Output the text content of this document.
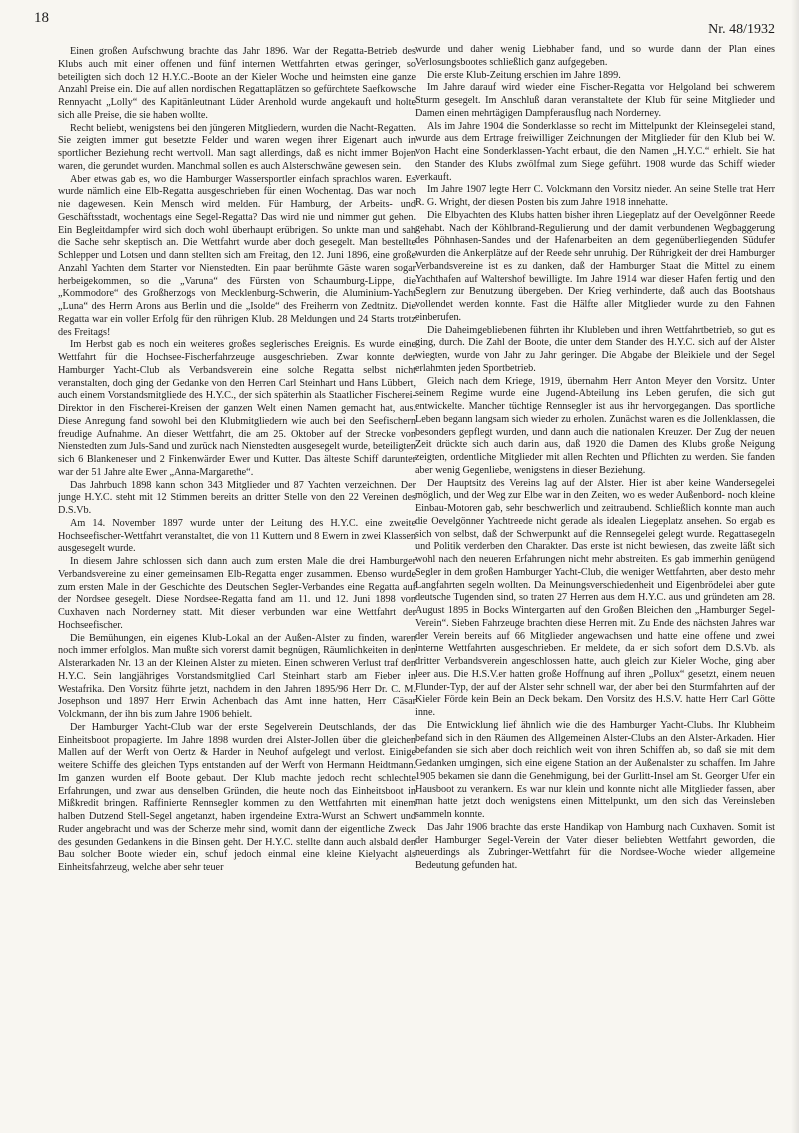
18
Nr. 48/1932

Einen großen Aufschwung brachte das Jahr 1896. War der Regatta-Betrieb des Klubs auch mit einer offenen und fünf internen Wettfahrten etwas geringer, so beteiligten sich doch 12 H.Y.C.-Boote an der Kieler Woche und heimsten eine ganze Anzahl Preise ein. Die auf allen nordischen Regattaplätzen so gefürchtete Saefkowsche Rennyacht „Lolly“ des Kapitänleutnant Lüder Arenhold wurde angekauft und holte sich alle Preise, die sie haben wollte.

Recht beliebt, wenigstens bei den jüngeren Mitgliedern, wurden die Nacht-Regatten. Sie zeigten immer gut besetzte Felder und waren wegen ihrer Eigenart auch in sportlicher Beziehung recht wertvoll. Man sagt allerdings, daß es nicht immer Bojen waren, die gerundet wurden. Manchmal sollen es auch Alsterschwäne gewesen sein.

Aber etwas gab es, wo die Hamburger Wassersportler einfach sprachlos waren. Es wurde nämlich eine Elb-Regatta ausgeschrieben für einen Wochentag. Das war noch nie dagewesen. Kein Mensch wird melden. Für Hamburg, der Arbeits- und Geschäftsstadt, wochentags eine Segel-Regatta? Das wird nie und nimmer gut gehen. Ein Begleitdampfer wird sich doch wohl überhaupt erübrigen. So unkte man und sah die Sache sehr skeptisch an. Die Wettfahrt wurde aber doch gesegelt. Man bestellte Schlepper und Lotsen und dann stellten sich am Freitag, den 12. Juni 1896, eine große Anzahl Yachten dem Starter vor Nienstedten. Ein paar berühmte Gäste waren sogar herbeigekommen, so die „Varuna“ des Fürsten von Schaumburg-Lippe, die „Kommodore“ des Großherzogs von Mecklenburg-Schwerin, die Aluminium-Yacht „Luna“ des Herrn Arons aus Berlin und die „Isolde“ des Freiherrn von Zedtnitz. Die Regatta war ein voller Erfolg für den rührigen Klub. 28 Meldungen und 24 Starts trotz des Freitags!

Im Herbst gab es noch ein weiteres großes seglerisches Ereignis. Es wurde eine Wettfahrt für die Hochsee-Fischerfahrzeuge ausgeschrieben. Zwar konnte der Hamburger Yacht-Club als Verbandsverein eine solche Regatta selbst nicht veranstalten, doch ging der Gedanke von den Herren Carl Steinhart und Hans Lübbert, auch einem Vorstandsmitgliede des H.Y.C., der sich späterhin als Staatlicher Fischerei-Direktor in den Fischerei-Kreisen der ganzen Welt einen Namen gemacht hat, aus. Diese Anregung fand sowohl bei den Klubmitgliedern wie auch bei den Seefischern freudige Aufnahme. An dieser Wettfahrt, die am 25. Oktober auf der Strecke von Nienstedten zum Juls-Sand und zurück nach Nienstedten ausgesegelt wurde, beteiligten sich 6 Blankeneser und 2 Finkenwärder Ewer und Kutter. Das älteste Schiff darunter war der 51 Jahre alte Ewer „Anna-Margarethe“.

Das Jahrbuch 1898 kann schon 343 Mitglieder und 87 Yachten verzeichnen. Der junge H.Y.C. steht mit 12 Stimmen bereits an dritter Stelle von den 22 Vereinen des D.S.Vb.

Am 14. November 1897 wurde unter der Leitung des H.Y.C. eine zweite Hochseefischer-Wettfahrt veranstaltet, die von 11 Kuttern und 8 Ewern in zwei Klassen ausgesegelt wurde.

In diesem Jahre schlossen sich dann auch zum ersten Male die drei Hamburger Verbandsvereine zu einer gemeinsamen Elb-Regatta enger zusammen. Ebenso wurde zum ersten Male in der Geschichte des Deutschen Segler-Verbandes eine Regatta auf der Nordsee gesegelt. Diese Nordsee-Regatta fand am 11. und 12. Juni 1898 von Cuxhaven nach Norderney statt. Mit dieser verbunden war eine Wettfahrt der Hochseefischer.

Die Bemühungen, ein eigenes Klub-Lokal an der Außen-Alster zu finden, waren noch immer erfolglos. Man mußte sich vorerst damit begnügen, Räumlichkeiten in den Alsterarkaden Nr. 13 an der Kleinen Alster zu mieten. Einen schweren Verlust traf den H.Y.C. Sein langjähriges Vorstandsmitglied Carl Steinhart starb am Fieber in Westafrika. Den Vorsitz führte jetzt, nachdem in den Jahren 1895/96 Herr Dr. C. M. Josephson und 1897 Herr Erwin Achenbach das Amt inne hatten, Herr Cäsar Volckmann, der ihn bis zum Jahre 1906 behielt.

Der Hamburger Yacht-Club war der erste Segelverein Deutschlands, der das Einheitsboot propagierte. Im Jahre 1898 wurden drei Alster-Jollen über die gleichen Mallen auf der Werft von Oertz & Harder in Neuhof aufgelegt und verlost. Einige weitere Schiffe des gleichen Typs entstanden auf der Werft von Hermann Heidtmann. Im ganzen wurden elf Boote gebaut. Der Klub machte jedoch recht schlechte Erfahrungen, und zwar aus denselben Gründen, die heute noch das Einheitsboot in Mißkredit bringen. Raffinierte Rennsegler kommen zu den Wettfahrten mit einem halben Dutzend Stell-Segel angetanzt, haben irgendeine Extra-Wurst an Schwert und Ruder angebracht und was der Scherze mehr sind, womit dann der eigentliche Zweck des gesunden Gedankens in die Binsen geht. Der H.Y.C. stellte dann auch alsbald den Bau solcher Boote wieder ein, schuf jedoch einmal eine kleine Kielyacht als Einheitsfahrzeug, welche aber sehr teuer

wurde und daher wenig Liebhaber fand, und so wurde dann der Plan eines Verlosungsbootes schließlich ganz aufgegeben.

Die erste Klub-Zeitung erschien im Jahre 1899.

Im Jahre darauf wird wieder eine Fischer-Regatta vor Helgoland bei schwerem Sturm gesegelt. Im Anschluß daran veranstaltete der Klub für seine Mitglieder und Damen einen mehrtägigen Dampferausflug nach Norderney.

Als im Jahre 1904 die Sonderklasse so recht im Mittelpunkt der Kleinsegelei stand, wurde aus dem Ertrage freiwilliger Zeichnungen der Mitglieder für den Klub bei W. von Hacht eine Sonderklassen-Yacht erbaut, die den Namen „H.Y.C.“ erhielt. Sie hat den Stander des Klubs zwölfmal zum Siege geführt. 1908 wurde das Schiff wieder verkauft.

Im Jahre 1907 legte Herr C. Volckmann den Vorsitz nieder. An seine Stelle trat Herr R. G. Wright, der diesen Posten bis zum Jahre 1918 innehatte.

Die Elbyachten des Klubs hatten bisher ihren Liegeplatz auf der Oevelgönner Reede gehabt. Nach der Köhlbrand-Regulierung und der damit verbundenen Wegbaggerung des Pöhnhasen-Sandes und der Hafenarbeiten an dem gegenüberliegenden Südufer wurden die Ankerplätze auf der Reede sehr unruhig. Der Rührigkeit der drei Hamburger Verbandsvereine ist es zu danken, daß der Hamburger Staat die Mittel zu einem Yachthafen auf Waltershof bewilligte. Im Jahre 1914 war dieser Hafen fertig und den Seglern zur Benutzung übergeben. Der Krieg verhinderte, daß auch das Bootshaus vollendet werden konnte. Fast die Hälfte aller Mitglieder wurde zu den Fahnen einberufen.

Die Daheimgebliebenen führten ihr Klubleben und ihren Wettfahrtbetrieb, so gut es ging, durch. Die Zahl der Boote, die unter dem Stander des H.Y.C. sich auf der Alster wiegten, wurde von Jahr zu Jahr geringer. Die Abgabe der Bleikiele und der Segel erlahmten jeden Sportbetrieb.

Gleich nach dem Kriege, 1919, übernahm Herr Anton Meyer den Vorsitz. Unter seinem Regime wurde eine Jugend-Abteilung ins Leben gerufen, die sich gut entwickelte. Mancher tüchtige Rennsegler ist aus ihr hervorgegangen. Das sportliche Leben begann langsam sich wieder zu erholen. Zunächst waren es die Jollenklassen, die besonders gepflegt wurden, und dann auch die nationalen Kreuzer. Der Zug der neuen Zeit drückte sich auch darin aus, daß 1920 die Damen des Klubs große Neigung zeigten, ordentliche Mitglieder mit allen Rechten und Pflichten zu werden. Sie fanden aber wenig Gegenliebe, wenigstens in dieser Beziehung.

Der Hauptsitz des Vereins lag auf der Alster. Hier ist aber keine Wandersegelei möglich, und der Weg zur Elbe war in den Zeiten, wo es weder Außenbord- noch kleine Einbau-Motoren gab, sehr beschwerlich und zeitraubend. Schließlich konnte man auch die Oevelgönner Yachtreede nicht gerade als idealen Liegeplatz ansehen. So ergab es sich von selbst, daß der Schwerpunkt auf die Rennsegelei gelegt wurde. Regattasegeln und Politik verderben den Charakter. Das erste ist nicht bewiesen, das zweite läßt sich wohl nach den neueren Erfahrungen nicht mehr abstreiten. Es gab immerhin genügend Segler in dem großen Hamburger Yacht-Club, die weniger Wettfahrten, aber desto mehr Langfahrten segeln wollten. Da Meinungsverschiedenheit und Eigenbrödelei aber gute deutsche Tugenden sind, so traten 27 Herren aus dem H.Y.C. aus und gründeten am 28. August 1895 in Bocks Wintergarten auf den Großen Bleichen den „Hamburger Segel-Verein“. Sieben Fahrzeuge brachten diese Herren mit. Zu Ende des nächsten Jahres war der Verein bereits auf 66 Mitglieder angewachsen und hatte eine offene und zwei interne Wettfahrten ausgeschrieben. Er meldete, da er sich sofort dem D.S.Vb. als dritter Verbandsverein angeschlossen hatte, auch gleich zur Kieler Woche, ging aber leer aus. Die H.S.V.er hatten große Hoffnung auf ihren „Pollux“ gesetzt, einem neuen Flunder-Typ, der auf der Alster sehr schnell war, der aber bei den Sturmfahrten auf der Kieler Förde kein Bein an Deck bekam. Den Vorsitz des H.S.V. hatte Herr Carl Götte inne.

Die Entwicklung lief ähnlich wie die des Hamburger Yacht-Clubs. Ihr Klubheim befand sich in den Räumen des Allgemeinen Alster-Clubs an den Alster-Arkaden. Hier befanden sie sich aber doch reichlich weit von ihren Schiffen ab, so daß sie mit dem Gedanken umgingen, sich eine eigene Station an der Außenalster zu schaffen. Im Jahre 1905 bekamen sie dann die Genehmigung, bei der Gurlitt-Insel am St. Georger Ufer ein Hausboot zu verankern. Es war nur klein und konnte nicht alle Mitglieder fassen, aber man hatte jetzt doch wenigstens einen Mittelpunkt, um den sich das Vereinsleben sammeln konnte.

Das Jahr 1906 brachte das erste Handikap von Hamburg nach Cuxhaven. Somit ist der Hamburger Segel-Verein der Vater dieser beliebten Wettfahrt geworden, die neuerdings als Zubringer-Wettfahrt für die Nordsee-Woche wieder allgemeine Bedeutung gefunden hat.
